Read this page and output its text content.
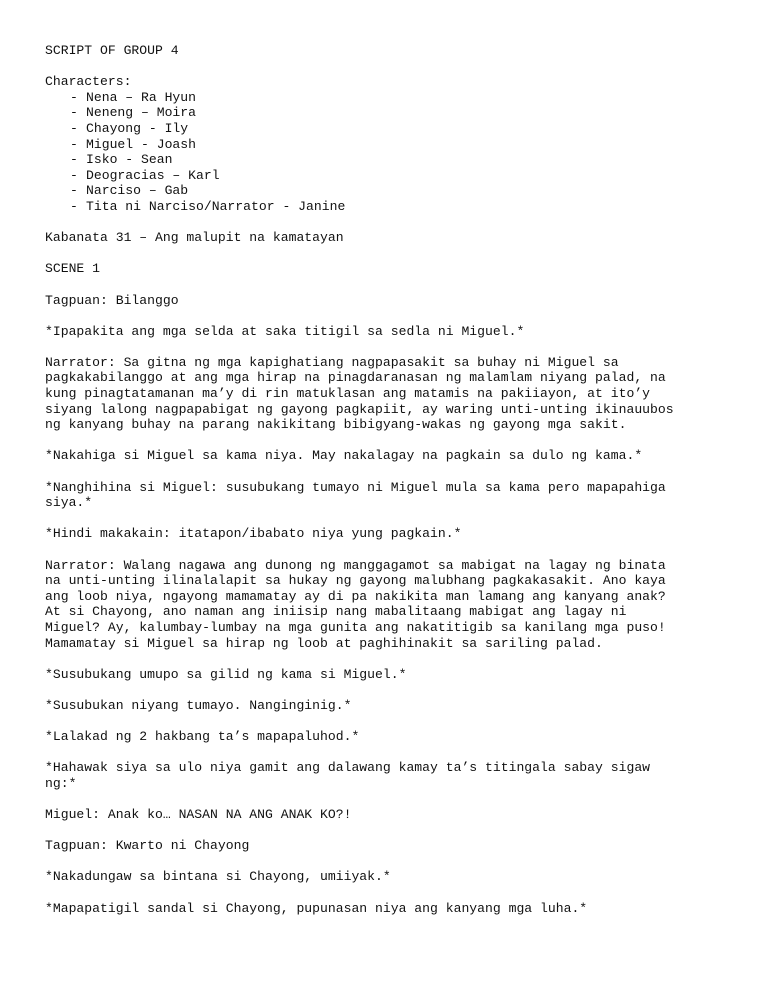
SCRIPT OF GROUP 4
Characters:
- Nena – Ra Hyun
- Neneng – Moira
- Chayong - Ily
- Miguel - Joash
- Isko - Sean
- Deogracias – Karl
- Narciso – Gab
- Tita ni Narciso/Narrator - Janine
Kabanata 31 – Ang malupit na kamatayan
SCENE 1
Tagpuan: Bilanggo
*Ipapakita ang mga selda at saka titigil sa sedla ni Miguel.*
Narrator: Sa gitna ng mga kapighatiang nagpapasakit sa buhay ni Miguel sa
pagkakabilanggo at ang mga hirap na pinagdaranasan ng malamlam niyang palad, na
kung pinagtatamanan ma’y di rin matuklasan ang matamis na pakiiayon, at ito’y
siyang lalong nagpapabigat ng gayong pagkapiit, ay waring unti-unting ikinauubos
ng kanyang buhay na parang nakikitang bibigyang-wakas ng gayong mga sakit.
*Nakahiga si Miguel sa kama niya. May nakalagay na pagkain sa dulo ng kama.*
*Nanghihina si Miguel: susubukang tumayo ni Miguel mula sa kama pero mapapahiga
siya.*
*Hindi makakain: itatapon/ibabato niya yung pagkain.*
Narrator: Walang nagawa ang dunong ng manggagamot sa mabigat na lagay ng binata
na unti-unting ilinalalapit sa hukay ng gayong malubhang pagkakasakit. Ano kaya
ang loob niya, ngayong mamamatay ay di pa nakikita man lamang ang kanyang anak?
At si Chayong, ano naman ang iniisip nang mabalitaang mabigat ang lagay ni
Miguel? Ay, kalumbay-lumbay na mga gunita ang nakatitigib sa kanilang mga puso!
Mamamatay si Miguel sa hirap ng loob at paghihinakit sa sariling palad.
*Susubukang umupo sa gilid ng kama si Miguel.*
*Susubukan niyang tumayo. Nanginginig.*
*Lalakad ng 2 hakbang ta’s mapapaluhod.*
*Hahawak siya sa ulo niya gamit ang dalawang kamay ta’s titingala sabay sigaw
ng:*
Miguel: Anak ko… NASAN NA ANG ANAK KO?!
Tagpuan: Kwarto ni Chayong
*Nakadungaw sa bintana si Chayong, umiiyak.*
*Mapapatigil sandal si Chayong, pupunasan niya ang kanyang mga luha.*
